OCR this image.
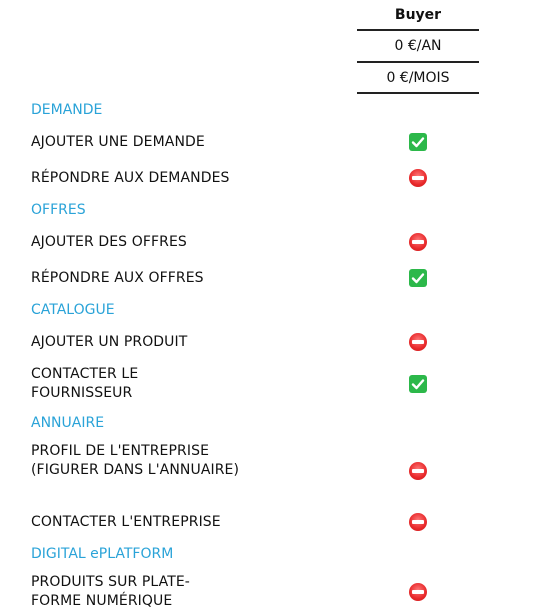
Buyer
0 €/AN
0 €/MOIS
DEMANDE
AJOUTER UNE DEMANDE
RÉPONDRE AUX DEMANDES
OFFRES
AJOUTER DES OFFRES
RÉPONDRE AUX OFFRES
CATALOGUE
AJOUTER UN PRODUIT
CONTACTER LE FOURNISSEUR
ANNUAIRE
PROFIL DE L'ENTREPRISE (FIGURER DANS L'ANNUAIRE)
CONTACTER L'ENTREPRISE
DIGITAL ePLATFORM
PRODUITS SUR PLATE-FORME NUMÉRIQUE
